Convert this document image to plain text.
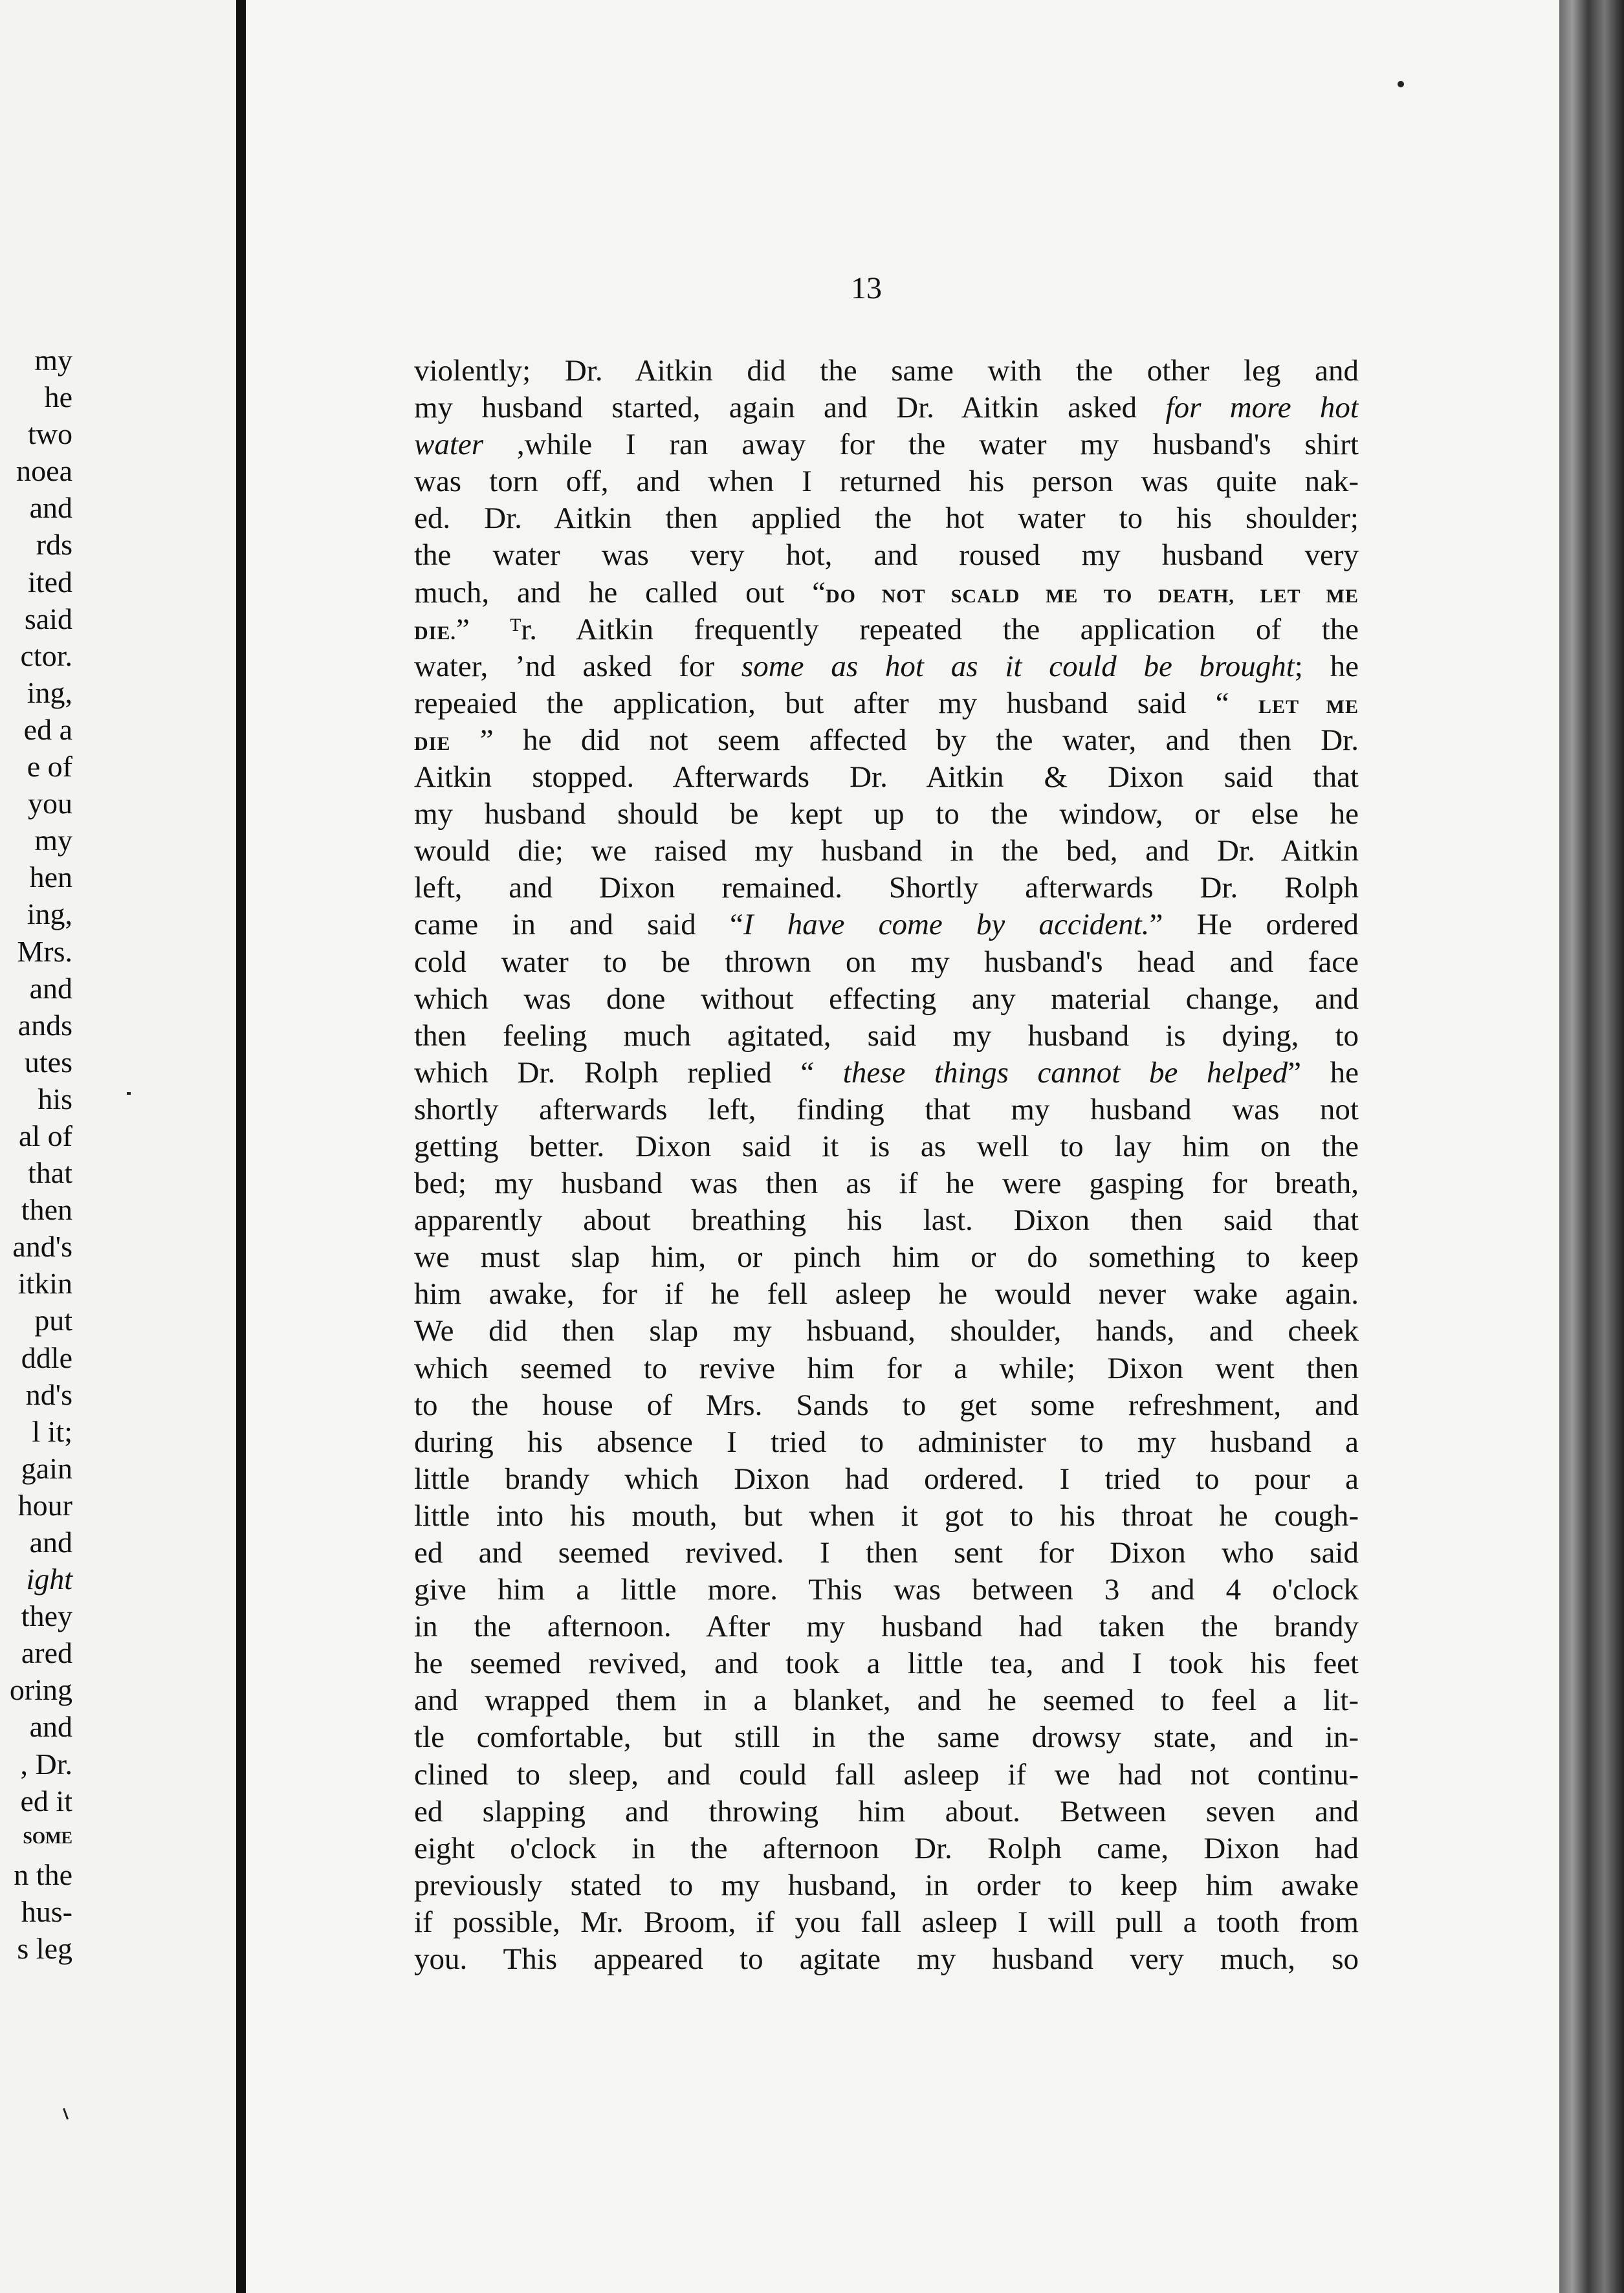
my
he
two
noea
and
rds
ited
said
ctor.
ing,
ed a
e of
you
my
hen
ing,
Mrs.
and
ands
utes
his
al of
that
then
and's
itkin
put
ddle
nd's
l it;
gain
hour
and
ight
they
ared
oring
and
, Dr.
ed it
SOME
n the
hus-
s leg
13
violently; Dr. Aitkin did the same with the other leg and
my husband started, again and Dr. Aitkin asked for more hot
water ,while I ran away for the water my husband's shirt
was torn off, and when I returned his person was quite nak-
ed. Dr. Aitkin then applied the hot water to his shoulder;
the water was very hot, and roused my husband very
much, and he called out “DO NOT SCALD ME TO DEATH, LET ME
DIE.” ᵀr. Aitkin frequently repeated the application of the
water, ʼnd asked for some as hot as it could be brought; he
repeaied the application, but after my husband said “ LET ME
DIE ” he did not seem affected by the water, and then Dr.
Aitkin stopped. Afterwards Dr. Aitkin & Dixon said that
my husband should be kept up to the window, or else he
would die; we raised my husband in the bed, and Dr. Aitkin
left, and Dixon remained. Shortly afterwards Dr. Rolph
came in and said “I have come by accident.” He ordered
cold water to be thrown on my husband's head and face
which was done without effecting any material change, and
then feeling much agitated, said my husband is dying, to
which Dr. Rolph replied “ these things cannot be helped” he
shortly afterwards left, finding that my husband was not
getting better. Dixon said it is as well to lay him on the
bed; my husband was then as if he were gasping for breath,
apparently about breathing his last. Dixon then said that
we must slap him, or pinch him or do something to keep
him awake, for if he fell asleep he would never wake again.
We did then slap my hsbuand, shoulder, hands, and cheek
which seemed to revive him for a while; Dixon went then
to the house of Mrs. Sands to get some refreshment, and
during his absence I tried to administer to my husband a
little brandy which Dixon had ordered. I tried to pour a
little into his mouth, but when it got to his throat he cough-
ed and seemed revived. I then sent for Dixon who said
give him a little more. This was between 3 and 4 o'clock
in the afternoon. After my husband had taken the brandy
he seemed revived, and took a little tea, and I took his feet
and wrapped them in a blanket, and he seemed to feel a lit-
tle comfortable, but still in the same drowsy state, and in-
clined to sleep, and could fall asleep if we had not continu-
ed slapping and throwing him about. Between seven and
eight o'clock in the afternoon Dr. Rolph came, Dixon had
previously stated to my husband, in order to keep him awake
if possible, Mr. Broom, if you fall asleep I will pull a tooth from
you. This appeared to agitate my husband very much, so
